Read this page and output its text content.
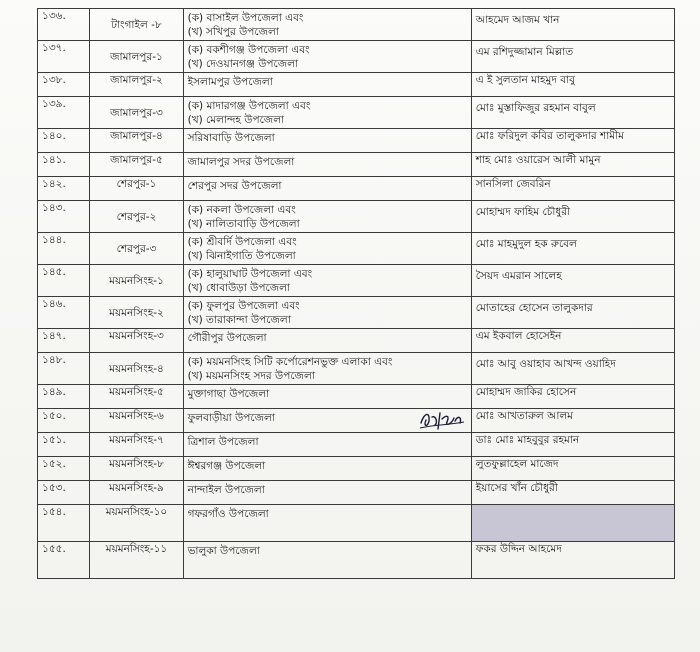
১৩৬.	টাংগাইল -৮	(ক) বাসাইল উপজেলা এবং
(খ) সখিপুর উপজেলা	আহমেদ আজম খান
১৩৭.	জামালপুর-১	(ক) বকশীগঞ্জ উপজেলা এবং
(খ) দেওয়ানগঞ্জ উপজেলা	এম রশিদুজ্জামান মিল্লাত
১৩৮.	জামালপুর-২	ইসলামপুর উপজেলা	এ ই সুলতান মাহমুদ বাবু
১৩৯.	জামালপুর-৩	(ক) মাদারগঞ্জ উপজেলা এবং
(খ) মেলান্দহ উপজেলা	মোঃ মুস্তাফিজুর রহমান বাবুল
১৪০.	জামালপুর-৪	সরিষাবাড়ি উপজেলা	মোঃ ফরিদুল কবির তালুকদার শামীম
১৪১.	জামালপুর-৫	জামালপুর সদর উপজেলা	শাহ মোঃ ওয়ারেস আলী মামুন
১৪২.	শেরপুর-১	শেরপুর সদর উপজেলা	সানসিলা জেবরিন
১৪৩.	শেরপুর-২	(ক) নকলা উপজেলা এবং
(খ) নালিতাবাড়ি উপজেলা	মোহাম্মদ ফাহিম চৌধুরী
১৪৪.	শেরপুর-৩	(ক) শ্রীবর্দি উপজেলা এবং
(খ) ঝিনাইগাতি উপজেলা	মোঃ মাহমুদুল হক রুবেল
১৪৫.	ময়মনসিংহ-১	(ক) হালুয়াঘাট উপজেলা এবং
(খ) ধোবাউড়া উপজেলা	সৈয়দ এমরান সালেহ
১৪৬.	ময়মনসিংহ-২	(ক) ফুলপুর উপজেলা এবং
(খ) তারাকান্দা উপজেলা	মোতাহের হোসেন তালুকদার
১৪৭.	ময়মনসিংহ-৩	গৌরীপুর উপজেলা	এম ইকবাল হোসেইন
১৪৮.	ময়মনসিংহ-৪	(ক) ময়মনসিংহ সিটি কর্পোরেশনভুক্ত এলাকা এবং
(খ) ময়মনসিংহ সদর উপজেলা	মোঃ আবু ওয়াহাব আখন্দ ওয়াহিদ
১৪৯.	ময়মনসিংহ-৫	মুক্তাগাছা উপজেলা	মোহাম্মদ জাকির হোসেন
১৫০.	ময়মনসিংহ-৬	ফুলবাড়ীয়া উপজেলা	মোঃ আখতারুল আলম
১৫১.	ময়মনসিংহ-৭	ত্রিশাল উপজেলা	ডাঃ মোঃ মাহবুবুর রহমান
১৫২.	ময়মনসিংহ-৮	ঈশ্বরগঞ্জ উপজেলা	লুতফুল্লাহেল মাজেদ
১৫৩.	ময়মনসিংহ-৯	নান্দাইল উপজেলা	ইয়াসের খাঁন চৌধুরী
১৫৪.	ময়মনসিংহ-১০	গফরগাঁও উপজেলা	

১৫৫.	ময়মনসিংহ-১১	ভালুকা উপজেলা	ফকর উদ্দিন আহমেদ
